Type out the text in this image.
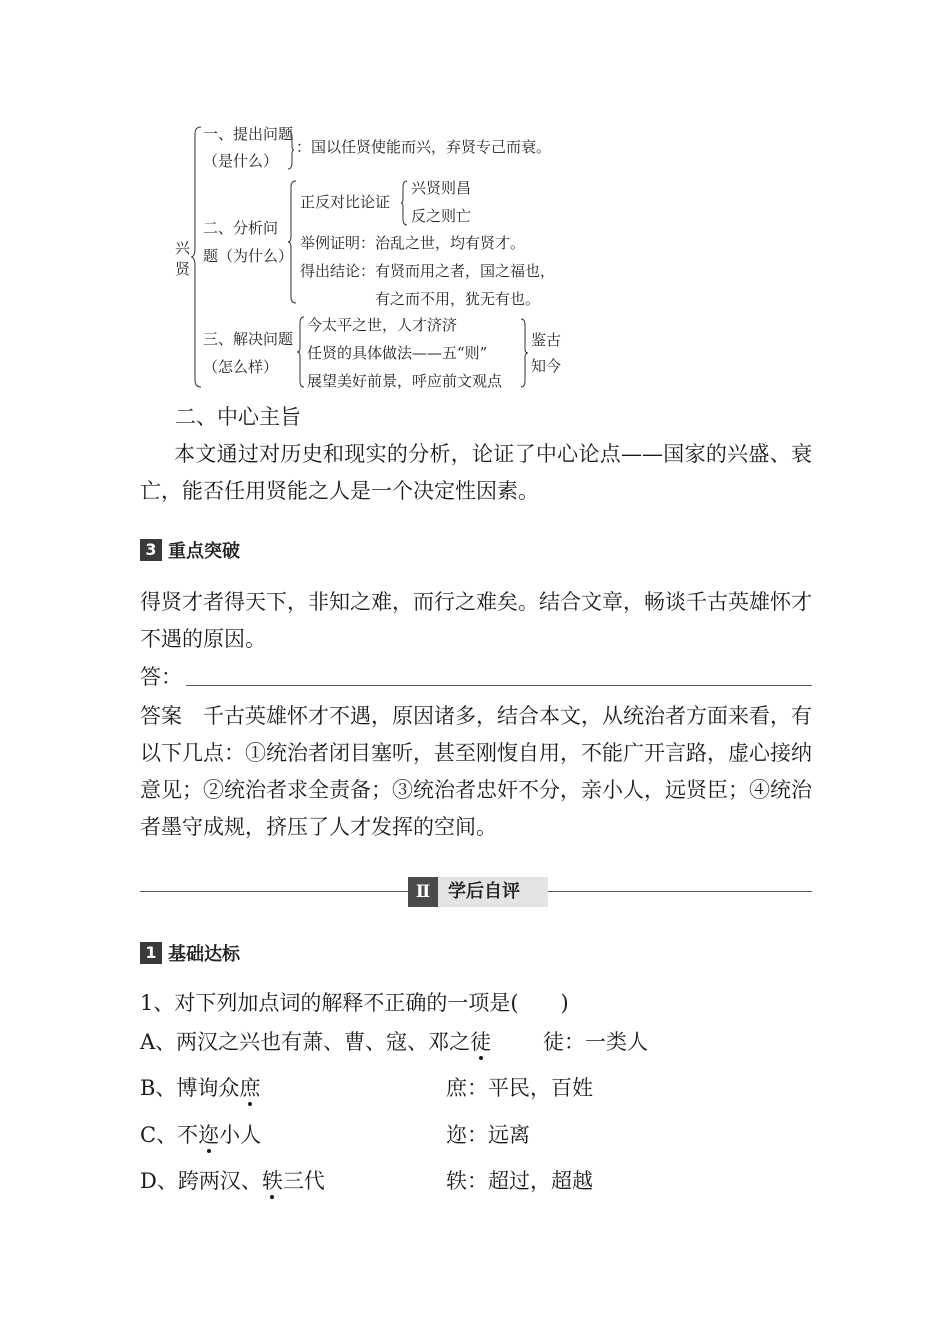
兴贤
一、提出问题
（是什么）
：国以任贤使能而兴，弃贤专己而衰。
二、分析问
题（为什么）
正反对比论证
兴贤则昌
反之则亡
举例证明：治乱之世，均有贤才。
得出结论：有贤而用之者，国之福也，
有之而不用，犹无有也。
三、解决问题
（怎么样）
今太平之世，人才济济
任贤的具体做法——五“则”
展望美好前景，呼应前文观点
鉴古
知今
二、中心主旨
本文通过对历史和现实的分析，论证了中心论点——国家的兴盛、衰亡，能否任用贤能之人是一个决定性因素。
3 重点突破
得贤才者得天下，非知之难，而行之难矣。结合文章，畅谈千古英雄怀才不遇的原因。
答：
答案　千古英雄怀才不遇，原因诸多，结合本文，从统治者方面来看，有以下几点：①统治者闭目塞听，甚至刚愎自用，不能广开言路，虚心接纳意见；②统治者求全责备；③统治者忠奸不分，亲小人，远贤臣；④统治者墨守成规，挤压了人才发挥的空间。
Ⅱ 学后自评
1 基础达标
1、对下列加点词的解释不正确的一项是(　　)
A、两汉之兴也有萧、曹、寇、邓之徒 徒：一类人
B、博询众庶	庶：平民，百姓
C、不迩小人	迩：远离
D、跨两汉、轶三代	轶：超过，超越
